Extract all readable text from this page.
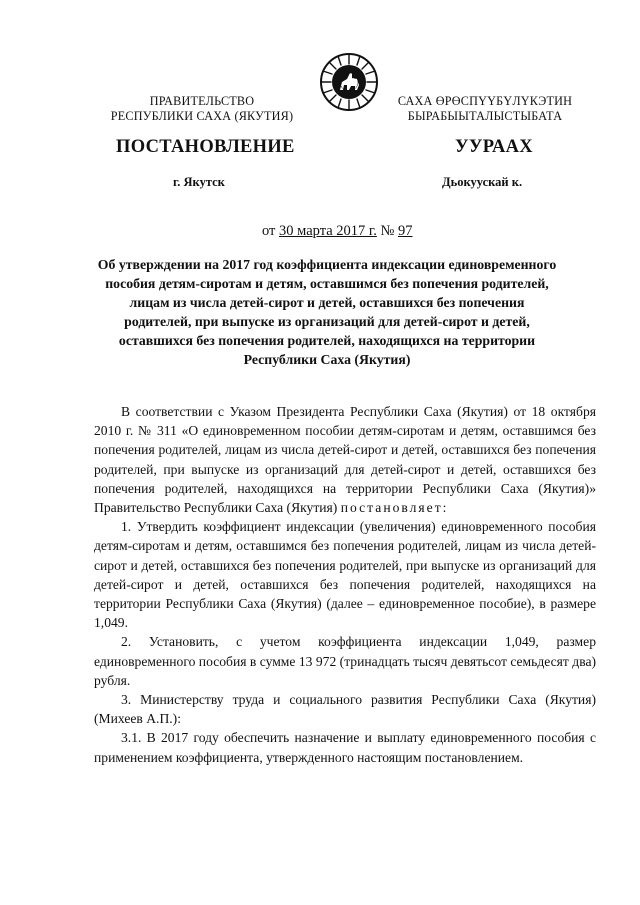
ПРАВИТЕЛЬСТВО
РЕСПУБЛИКИ САХА (ЯКУТИЯ)
САХА ӨРӨСПҮҮБҮЛҮКЭТИН
БЫРАБЫЫТАЛЫСТЫБАТА
ПОСТАНОВЛЕНИЕ	УУРААХ
г. Якутск	Дьокуускай к.
от 30 марта 2017 г. № 97
Об утверждении на 2017 год коэффициента индексации единовременного
пособия детям-сиротам и детям, оставшимся без попечения родителей,
лицам из числа детей-сирот и детей, оставшихся без попечения
родителей, при выпуске из организаций для детей-сирот и детей,
оставшихся без попечения родителей, находящихся на территории
Республики Саха (Якутия)

В соответствии с Указом Президента Республики Саха (Якутия) от 18 октября 2010 г. № 311 «О единовременном пособии детям-сиротам и детям, оставшимся без попечения родителей, лицам из числа детей-сирот и детей, оставшихся без попечения родителей, при выпуске из организаций для детей-сирот и детей, оставшихся без попечения родителей, находящихся на территории Республики Саха (Якутия)» Правительство Республики Саха (Якутия) постановляет:

1. Утвердить коэффициент индексации (увеличения) единовременного пособия детям-сиротам и детям, оставшимся без попечения родителей, лицам из числа детей-сирот и детей, оставшихся без попечения родителей, при выпуске из организаций для детей-сирот и детей, оставшихся без попечения родителей, находящихся на территории Республики Саха (Якутия) (далее – единовременное пособие), в размере 1,049.

2. Установить, с учетом коэффициента индексации 1,049, размер единовременного пособия в сумме 13 972 (тринадцать тысяч девятьсот семьдесят два) рубля.

3. Министерству труда и социального развития Республики Саха (Якутия) (Михеев А.П.):

3.1. В 2017 году обеспечить назначение и выплату единовременного пособия с применением коэффициента, утвержденного настоящим постановлением.
